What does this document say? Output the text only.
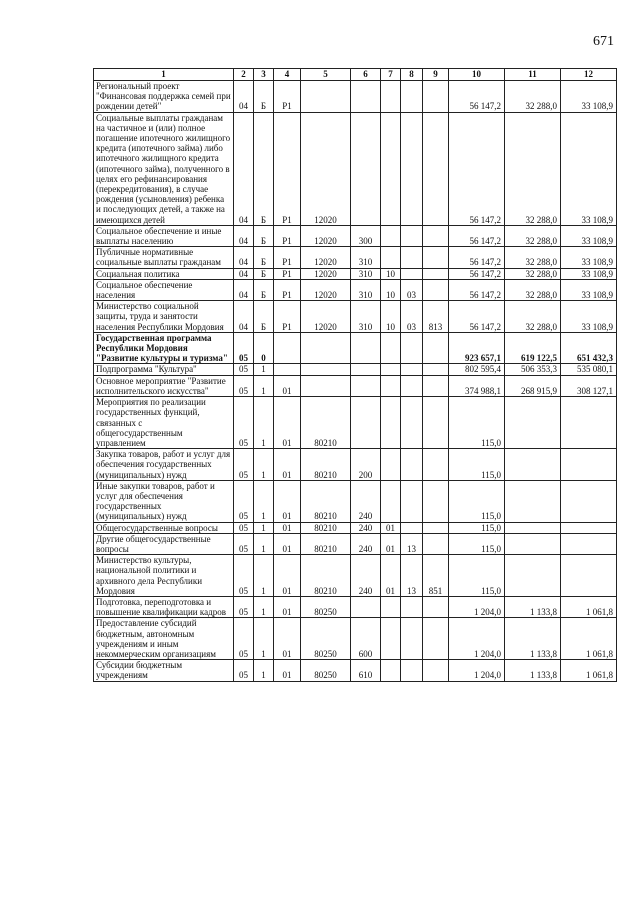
671
1	2	3	4	5	6	7	8	9	10	11	12
Региональный проект "Финансовая поддержка семей при рождении детей"	04	Б	Р1						56 147,2	32 288,0	33 108,9
Социальные выплаты гражданам на частичное и (или) полное погашение ипотечного жилищного кредита (ипотечного займа) либо ипотечного жилищного кредита (ипотечного займа), полученного в целях его рефинансирования (перекредитования), в случае рождения (усыновления) ребенка и последующих детей, а также на имеющихся детей	04	Б	Р1	12020					56 147,2	32 288,0	33 108,9
Социальное обеспечение и иные выплаты населению	04	Б	Р1	12020	300				56 147,2	32 288,0	33 108,9
Публичные нормативные социальные выплаты гражданам	04	Б	Р1	12020	310				56 147,2	32 288,0	33 108,9
Социальная политика	04	Б	Р1	12020	310	10			56 147,2	32 288,0	33 108,9
Социальное обеспечение населения	04	Б	Р1	12020	310	10	03		56 147,2	32 288,0	33 108,9
Министерство социальной защиты, труда и занятости населения Республики Мордовия	04	Б	Р1	12020	310	10	03	813	56 147,2	32 288,0	33 108,9
Государственная программа Республики Мордовия "Развитие культуры и туризма"	05	0							923 657,1	619 122,5	651 432,3
Подпрограмма "Культура"	05	1							802 595,4	506 353,3	535 080,1
Основное мероприятие "Развитие исполнительского искусства"	05	1	01						374 988,1	268 915,9	308 127,1
Мероприятия по реализации государственных функций, связанных с общегосударственным управлением	05	1	01	80210					115,0		
Закупка товаров, работ и услуг для обеспечения государственных (муниципальных) нужд	05	1	01	80210	200				115,0		
Иные закупки товаров, работ и услуг для обеспечения государственных (муниципальных) нужд	05	1	01	80210	240				115,0		
Общегосударственные вопросы	05	1	01	80210	240	01			115,0		
Другие общегосударственные вопросы	05	1	01	80210	240	01	13		115,0		
Министерство культуры, национальной политики и архивного дела Республики Мордовия	05	1	01	80210	240	01	13	851	115,0		
Подготовка, переподготовка и повышение квалификации кадров	05	1	01	80250					1 204,0	1 133,8	1 061,8
Предоставление субсидий бюджетным, автономным учреждениям и иным некоммерческим организациям	05	1	01	80250	600				1 204,0	1 133,8	1 061,8
Субсидии бюджетным учреждениям	05	1	01	80250	610				1 204,0	1 133,8	1 061,8
